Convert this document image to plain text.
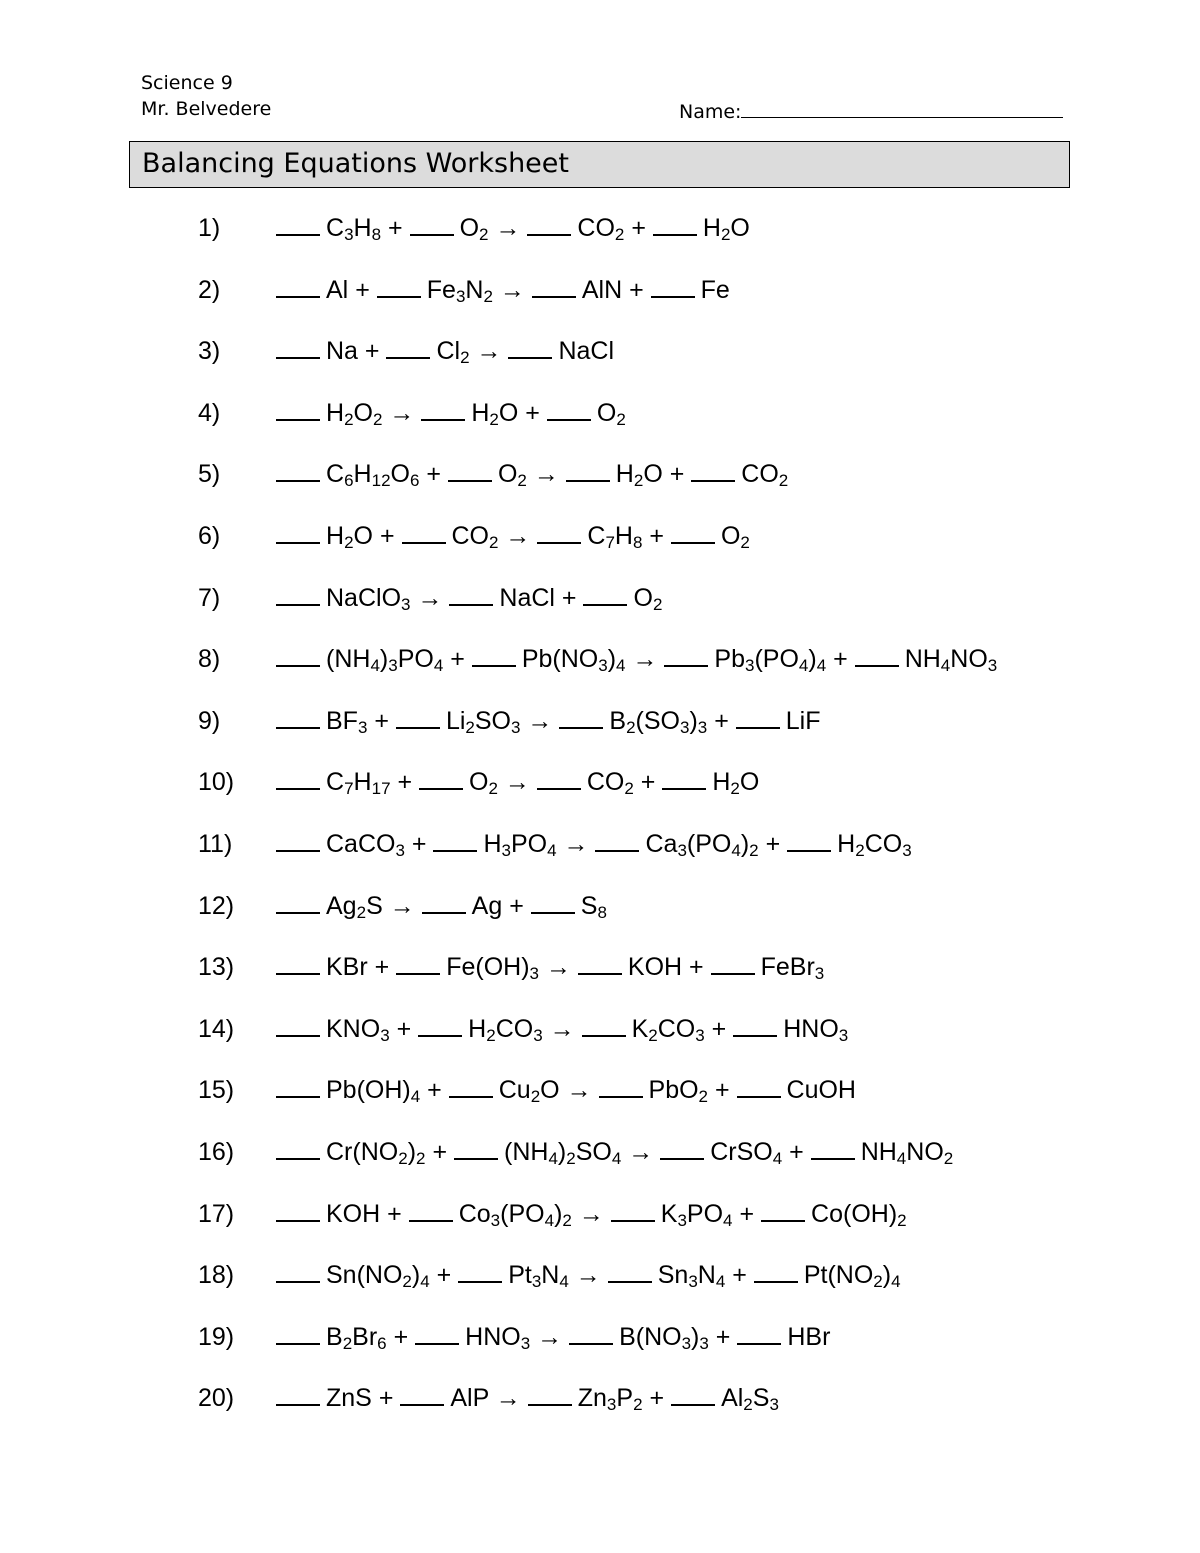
Science 9
Mr. Belvedere	Name:
Balancing Equations Worksheet
1)	$C_3H_8 + O_2 \to CO_2 + H_2O$
2)	$Al + Fe_3N_2$ → AlN + Fe
3)	$Na + Cl_2$ → NaCl
4)	$H_2O_2 \to H_2O + O_2$
5)	$C_6H_{12}O_6 + O_2 \to H_2O + CO_2$
6)	$H_2O + CO_2 \to C_7H_8 + O_2$
7)	NaClO$_3$ → NaCl + $O_2$
8)	$(NH_4)_3PO_4 + Pb(NO_3)_4 \to Pb_3(PO_4)_4 + NH_4NO_3$
9)	$BF_3 + Li_2SO_3 \to B_2(SO_3)_3$ + LiF
10)	$C_7H_{17} + O_2 \to CO_2 + H_2O$
11)	CaCO$_3$ + $H_3PO_4 \to Ca_3(PO_4)_2 + H_2CO_3$
12)	$Ag_2S \to Ag + S_8$
13)	KBr + $Fe(OH)_3$ → KOH + FeBr$_3$
14)	$KNO_3 + H_2CO_3 \to K_2CO_3 + HNO_3$
15)	$Pb(OH)_4 + Cu_2O \to PbO_2$ + CuOH
16)	$Cr(NO_2)_2 + (NH_4)_2SO_4$ → CrSO$_4$ + $NH_4NO_2$
17)	KOH + $Co_3(PO_4)_2 \to K_3PO_4 + Co(OH)_2$
18)	$Sn(NO_2)_4 + Pt_3N_4 \to Sn_3N_4 + Pt(NO_2)_4$
19)	$B_2Br_6 + HNO_3 \to B(NO_3)_3$ + HBr
20)	ZnS + AlP → $Zn_3P_2 + Al_2S_3$
